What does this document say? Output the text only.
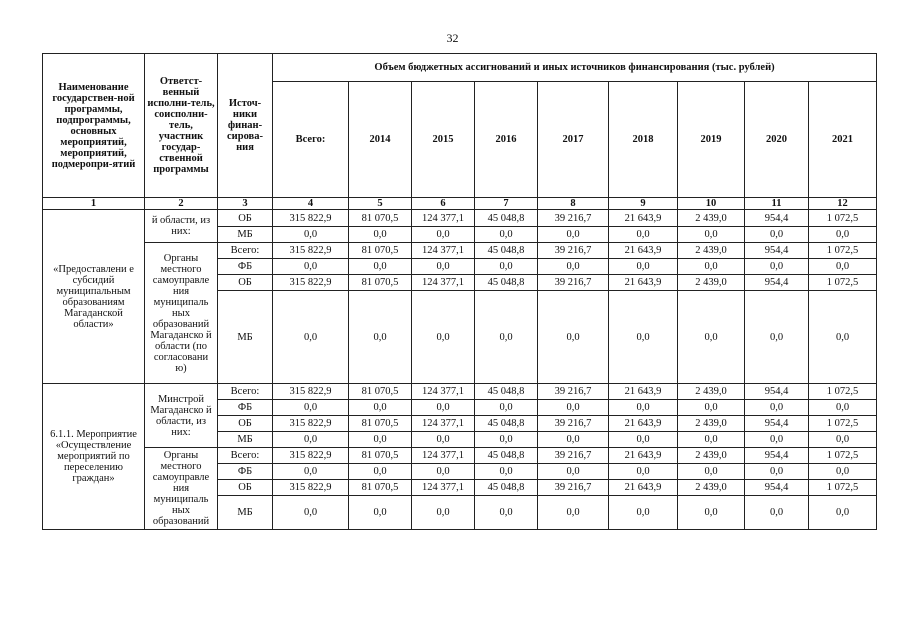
32
Наименование государствен-ной программы, подпрограммы, основных мероприятий, мероприятий, подмеропри-ятий	Ответст-венный исполни-тель, соисполни-тель, участник государ-ственной программы	Источ-ники финан-сирова-ния	Объем бюджетных ассигнований и иных источников финансирования (тыс. рублей)								
			Всего:	2014	2015	2016	2017	2018	2019	2020	2021
1	2	3	4	5	6	7	8	9	10	11	12
«Предоставлени е субсидий муниципальным образованиям Магаданской области»	й области, из них:	ОБ	315 822,9	81 070,5	124 377,1	45 048,8	39 216,7	21 643,9	2 439,0	954,4	1 072,5
		МБ	0,0	0,0	0,0	0,0	0,0	0,0	0,0	0,0	0,0
	Органы местного самоуправле ния муниципаль ных образований Магаданско й области (по согласовани ю)	Всего:	315 822,9	81 070,5	124 377,1	45 048,8	39 216,7	21 643,9	2 439,0	954,4	1 072,5
		ФБ	0,0	0,0	0,0	0,0	0,0	0,0	0,0	0,0	0,0
		ОБ	315 822,9	81 070,5	124 377,1	45 048,8	39 216,7	21 643,9	2 439,0	954,4	1 072,5
		МБ	0,0	0,0	0,0	0,0	0,0	0,0	0,0	0,0	0,0
6.1.1. Мероприятие «Осуществление мероприятий по переселению граждан»	Минстрой Магаданско й области, из них:	Всего:	315 822,9	81 070,5	124 377,1	45 048,8	39 216,7	21 643,9	2 439,0	954,4	1 072,5
		ФБ	0,0	0,0	0,0	0,0	0,0	0,0	0,0	0,0	0,0
		ОБ	315 822,9	81 070,5	124 377,1	45 048,8	39 216,7	21 643,9	2 439,0	954,4	1 072,5
		МБ	0,0	0,0	0,0	0,0	0,0	0,0	0,0	0,0	0,0
	Органы местного самоуправле ния муниципаль ных образований	Всего:	315 822,9	81 070,5	124 377,1	45 048,8	39 216,7	21 643,9	2 439,0	954,4	1 072,5
		ФБ	0,0	0,0	0,0	0,0	0,0	0,0	0,0	0,0	0,0
		ОБ	315 822,9	81 070,5	124 377,1	45 048,8	39 216,7	21 643,9	2 439,0	954,4	1 072,5
		МБ	0,0	0,0	0,0	0,0	0,0	0,0	0,0	0,0	0,0
